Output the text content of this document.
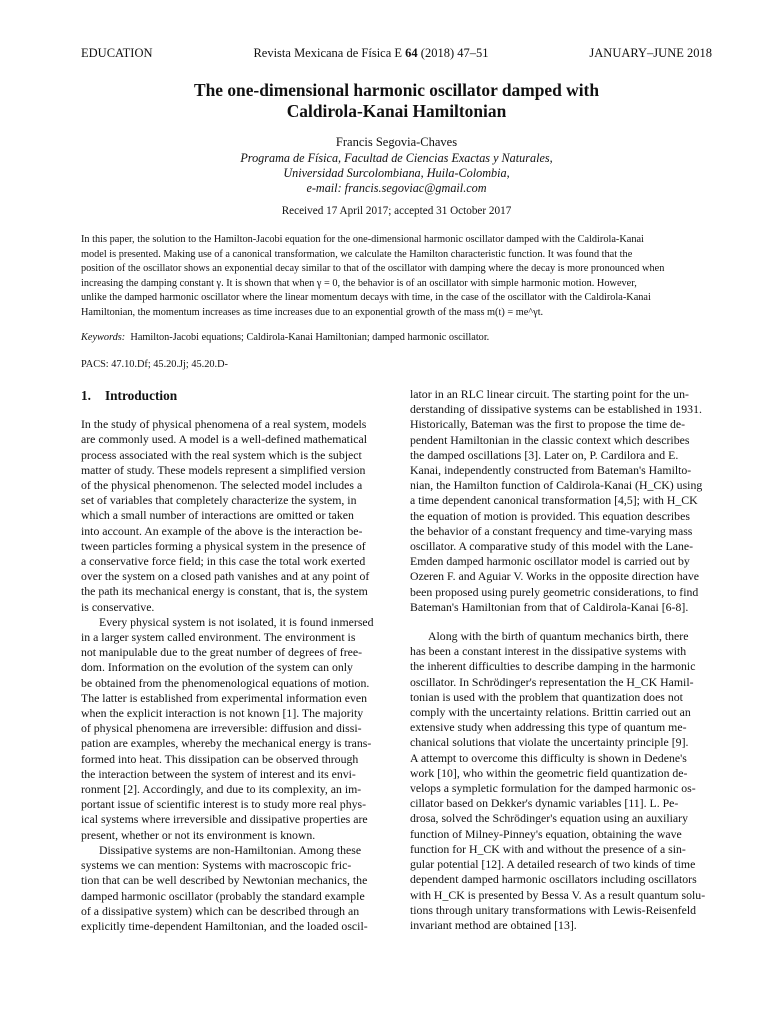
EDUCATION	Revista Mexicana de Física E 64 (2018) 47–51	JANUARY–JUNE 2018
The one-dimensional harmonic oscillator damped with
Caldirola-Kanai Hamiltonian
Francis Segovia-Chaves
Programa de Física, Facultad de Ciencias Exactas y Naturales,
Universidad Surcolombiana, Huila-Colombia,
e-mail: francis.segoviac@gmail.com
Received 17 April 2017; accepted 31 October 2017
In this paper, the solution to the Hamilton-Jacobi equation for the one-dimensional harmonic oscillator damped with the Caldirola-Kanai
model is presented. Making use of a canonical transformation, we calculate the Hamilton characteristic function. It was found that the
position of the oscillator shows an exponential decay similar to that of the oscillator with damping where the decay is more pronounced when
increasing the damping constant γ. It is shown that when γ = 0, the behavior is of an oscillator with simple harmonic motion. However,
unlike the damped harmonic oscillator where the linear momentum decays with time, in the case of the oscillator with the Caldirola-Kanai
Hamiltonian, the momentum increases as time increases due to an exponential growth of the mass m(t) = me^γt.
Keywords: Hamilton-Jacobi equations; Caldirola-Kanai Hamiltonian; damped harmonic oscillator.
PACS: 47.10.Df; 45.20.Jj; 45.20.D-
1. Introduction
In the study of physical phenomena of a real system, models
are commonly used. A model is a well-defined mathematical
process associated with the real system which is the subject
matter of study. These models represent a simplified version
of the physical phenomenon. The selected model includes a
set of variables that completely characterize the system, in
which a small number of interactions are omitted or taken
into account. An example of the above is the interaction be-
tween particles forming a physical system in the presence of
a conservative force field; in this case the total work exerted
over the system on a closed path vanishes and at any point of
the path its mechanical energy is constant, that is, the system
is conservative.
Every physical system is not isolated, it is found inmersed
in a larger system called environment. The environment is
not manipulable due to the great number of degrees of free-
dom. Information on the evolution of the system can only
be obtained from the phenomenological equations of motion.
The latter is established from experimental information even
when the explicit interaction is not known [1]. The majority
of physical phenomena are irreversible: diffusion and dissi-
pation are examples, whereby the mechanical energy is trans-
formed into heat. This dissipation can be observed through
the interaction between the system of interest and its envi-
ronment [2]. Accordingly, and due to its complexity, an im-
portant issue of scientific interest is to study more real phys-
ical systems where irreversible and dissipative properties are
present, whether or not its environment is known.
Dissipative systems are non-Hamiltonian. Among these
systems we can mention: Systems with macroscopic fric-
tion that can be well described by Newtonian mechanics, the
damped harmonic oscillator (probably the standard example
of a dissipative system) which can be described through an
explicitly time-dependent Hamiltonian, and the loaded oscil-
lator in an RLC linear circuit. The starting point for the un-
derstanding of dissipative systems can be established in 1931.
Historically, Bateman was the first to propose the time de-
pendent Hamiltonian in the classic context which describes
the damped oscillations [3]. Later on, P. Cardilora and E.
Kanai, independently constructed from Bateman's Hamilto-
nian, the Hamilton function of Caldirola-Kanai (H_CK) using
a time dependent canonical transformation [4,5]; with H_CK
the equation of motion is provided. This equation describes
the behavior of a constant frequency and time-varying mass
oscillator. A comparative study of this model with the Lane-
Emden damped harmonic oscillator model is carried out by
Ozeren F. and Aguiar V. Works in the opposite direction have
been proposed using purely geometric considerations, to find
Bateman's Hamiltonian from that of Caldirola-Kanai [6-8].
Along with the birth of quantum mechanics birth, there
has been a constant interest in the dissipative systems with
the inherent difficulties to describe damping in the harmonic
oscillator. In Schrödinger's representation the H_CK Hamil-
tonian is used with the problem that quantization does not
comply with the uncertainty relations. Brittin carried out an
extensive study when addressing this type of quantum me-
chanical solutions that violate the uncertainty principle [9].
A attempt to overcome this difficulty is shown in Dedene's
work [10], who within the geometric field quantization de-
velops a sympletic formulation for the damped harmonic os-
cillator based on Dekker's dynamic variables [11]. L. Pe-
drosa, solved the Schrödinger's equation using an auxiliary
function of Milney-Pinney's equation, obtaining the wave
function for H_CK with and without the presence of a sin-
gular potential [12]. A detailed research of two kinds of time
dependent damped harmonic oscillators including oscillators
with H_CK is presented by Bessa V. As a result quantum solu-
tions through unitary transformations with Lewis-Reisenfeld
invariant method are obtained [13].
